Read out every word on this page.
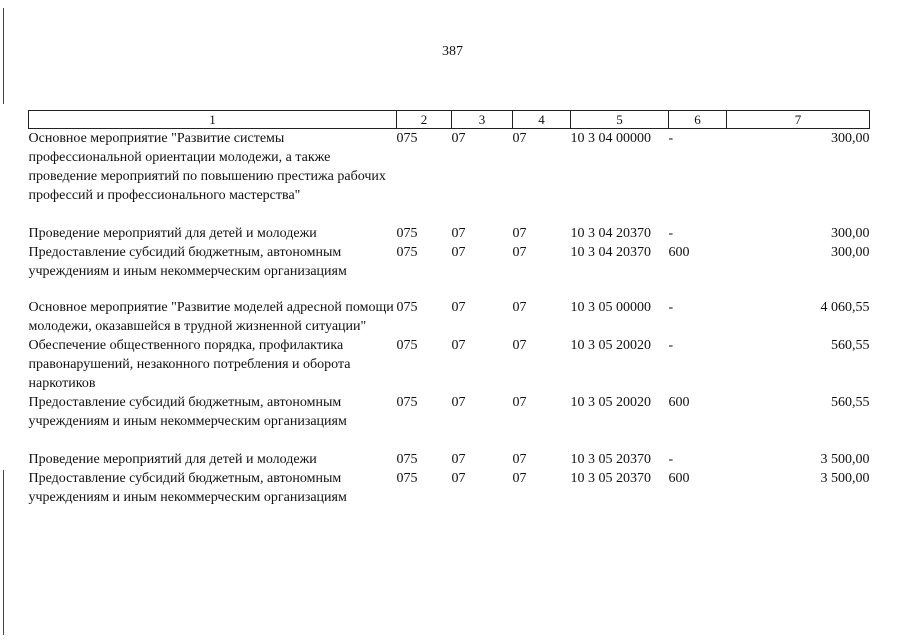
387
1	2	3	4	5	6	7
Основное мероприятие "Развитие системы профессиональной ориентации молодежи, а также проведение мероприятий по повышению престижа рабочих профессий и профессионального мастерства"	075	07	07	10 3 04 00000	-	300,00

Проведение мероприятий для детей и молодежи	075	07	07	10 3 04 20370	-	300,00
Предоставление субсидий бюджетным, автономным учреждениям и иным некоммерческим организациям	075	07	07	10 3 04 20370	600	300,00
Основное мероприятие "Развитие моделей адресной помощи молодежи, оказавшейся в трудной жизненной ситуации"	075	07	07	10 3 05 00000	-	4 060,55
Обеспечение общественного порядка, профилактика правонарушений, незаконного потребления и оборота наркотиков	075	07	07	10 3 05 20020	-	560,55
Предоставление субсидий бюджетным, автономным учреждениям и иным некоммерческим организациям	075	07	07	10 3 05 20020	600	560,55

Проведение мероприятий для детей и молодежи	075	07	07	10 3 05 20370	-	3 500,00
Предоставление субсидий бюджетным, автономным учреждениям и иным некоммерческим организациям	075	07	07	10 3 05 20370	600	3 500,00
